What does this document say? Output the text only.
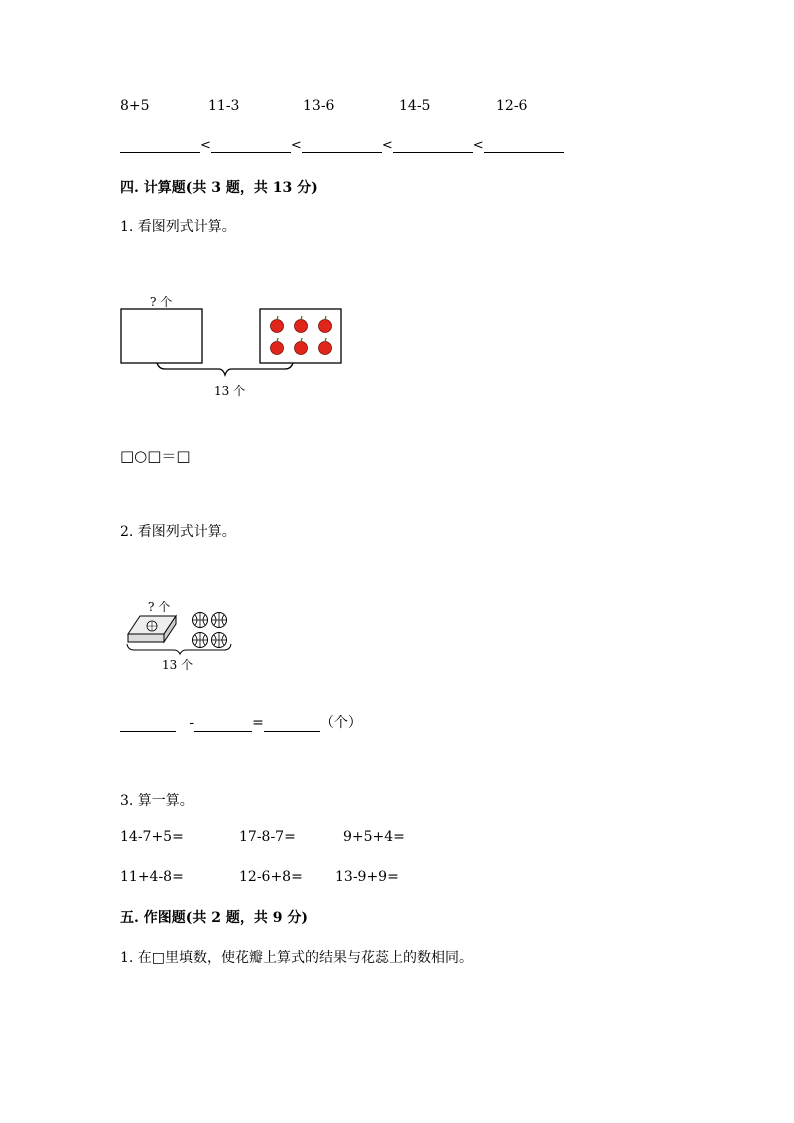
8+5	11-3	13-6	14-5	12-6
<	<	<	<
四. 计算题(共 3 题，共 13 分)
1. 看图列式计算。
? 个
13 个
□○□＝□
2. 看图列式计算。
? 个
13 个
-	=	（个）
3. 算一算。
14-7+5=	17-8-7=	9+5+4=
11+4-8=	12-6+8= 13-9+9=
五. 作图题(共 2 题，共 9 分)
1. 在□里填数，使花瓣上算式的结果与花蕊上的数相同。
